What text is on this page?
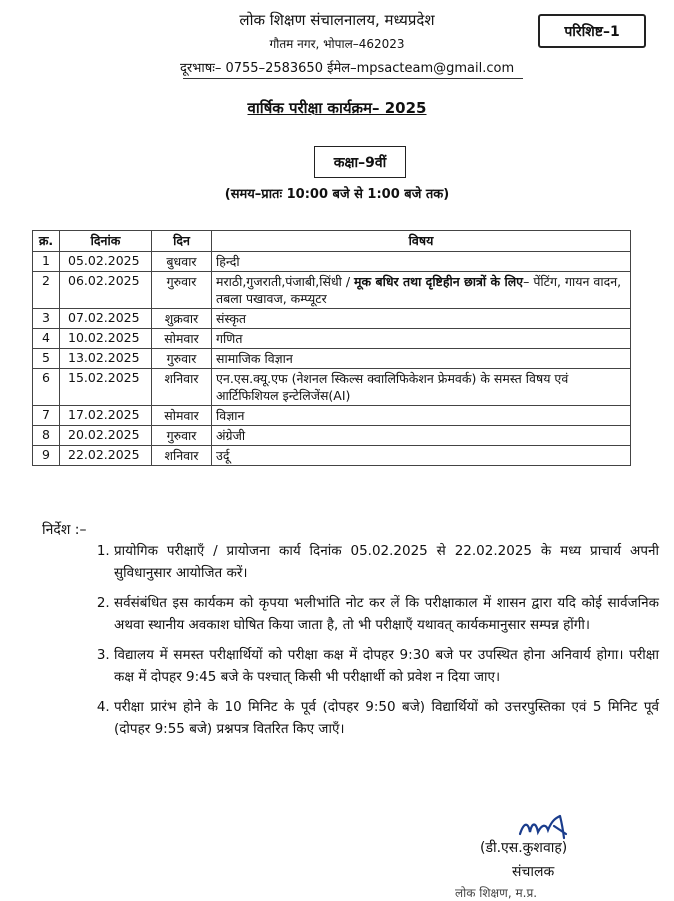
लोक शिक्षण संचालनालय, मध्यप्रदेश
गौतम नगर, भोपाल–462023
दूरभाषः– 0755–2583650 ईमेल–mpsacteam@gmail.com
परिशिष्ट–1
वार्षिक परीक्षा कार्यक्रम– 2025
कक्षा–9वीं
(समय–प्रातः 10:00 बजे से 1:00 बजे तक)
क्र.	दिनांक	दिन	विषय
1	05.02.2025	बुधवार	हिन्दी
2	06.02.2025	गुरुवार	मराठी,गुजराती,पंजाबी,सिंधी / मूक बधिर तथा दृष्टिहीन छात्रों के लिए– पेंटिंग, गायन वादन, तबला पखावज, कम्प्यूटर
3	07.02.2025	शुक्रवार	संस्कृत
4	10.02.2025	सोमवार	गणित
5	13.02.2025	गुरुवार	सामाजिक विज्ञान
6	15.02.2025	शनिवार	एन.एस.क्यू.एफ (नेशनल स्किल्स क्वालिफिकेशन फ्रेमवर्क) के समस्त विषय एवं आर्टिफिशियल इन्टेलिजेंस(AI)
7	17.02.2025	सोमवार	विज्ञान
8	20.02.2025	गुरुवार	अंग्रेजी
9	22.02.2025	शनिवार	उर्दू
निर्देश :–
1. प्रायोगिक परीक्षाएँ / प्रायोजना कार्य दिनांक 05.02.2025 से 22.02.2025 के मध्य प्राचार्य अपनी सुविधानुसार आयोजित करें।
2. सर्वसंबंधित इस कार्यकम को कृपया भलीभांति नोट कर लें कि परीक्षाकाल में शासन द्वारा यदि कोई सार्वजनिक अथवा स्थानीय अवकाश घोषित किया जाता है, तो भी परीक्षाएँ यथावत् कार्यकमानुसार सम्पन्न होंगी।
3. विद्यालय में समस्त परीक्षार्थियों को परीक्षा कक्ष में दोपहर 9:30 बजे पर उपस्थित होना अनिवार्य होगा। परीक्षा कक्ष में दोपहर 9:45 बजे के पश्चात् किसी भी परीक्षार्थी को प्रवेश न दिया जाए।
4. परीक्षा प्रारंभ होने के 10 मिनिट के पूर्व (दोपहर 9:50 बजे) विद्यार्थियों को उत्तरपुस्तिका एवं 5 मिनिट पूर्व (दोपहर 9:55 बजे) प्रश्नपत्र वितरित किए जाएँ।
(डी.एस.कुशवाह)
संचालक
लोक शिक्षण, म.प्र.
